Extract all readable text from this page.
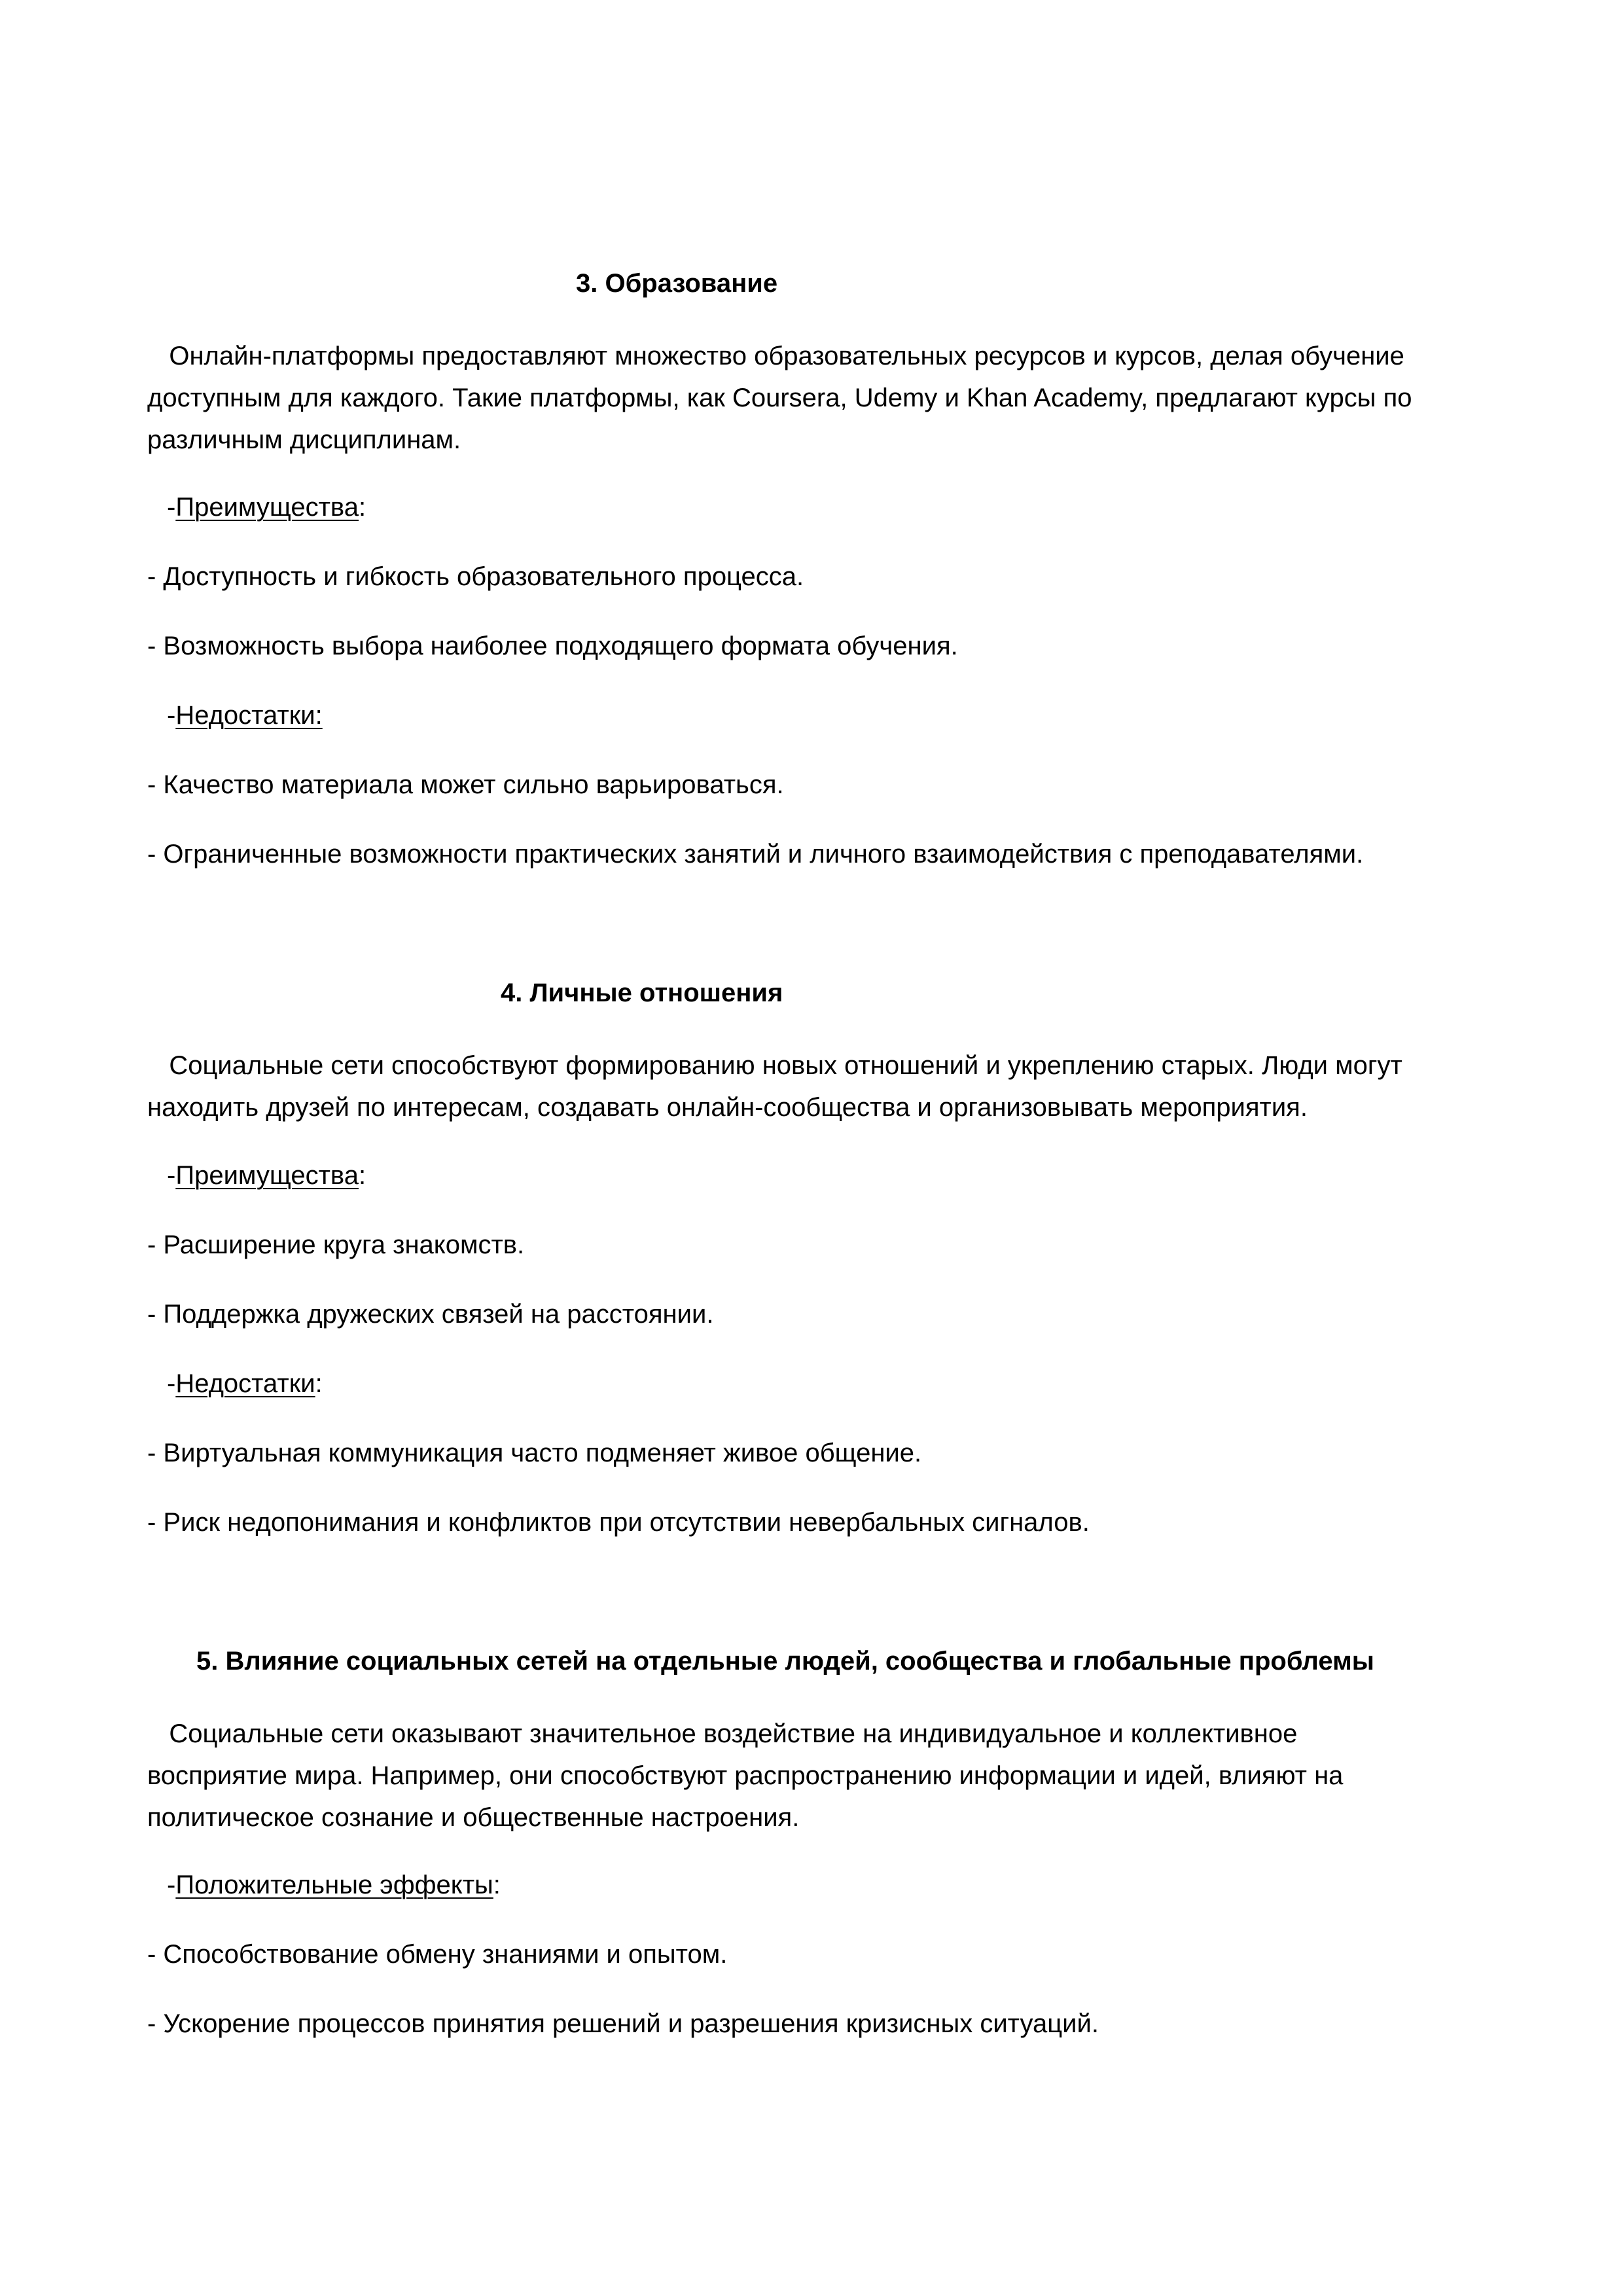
3. Образование
Онлайн-платформы предоставляют множество образовательных ресурсов и курсов, делая обучение
доступным для каждого. Такие платформы, как Coursera, Udemy и Khan Academy, предлагают курсы по
различным дисциплинам.
-Преимущества:
- Доступность и гибкость образовательного процесса.
- Возможность выбора наиболее подходящего формата обучения.
-Недостатки:
- Качество материала может сильно варьироваться.
- Ограниченные возможности практических занятий и личного взаимодействия с преподавателями.
4. Личные отношения
Социальные сети способствуют формированию новых отношений и укреплению старых. Люди могут
находить друзей по интересам, создавать онлайн-сообщества и организовывать мероприятия.
-Преимущества:
- Расширение круга знакомств.
- Поддержка дружеских связей на расстоянии.
-Недостатки:
- Виртуальная коммуникация часто подменяет живое общение.
- Риск недопонимания и конфликтов при отсутствии невербальных сигналов.
5. Влияние социальных сетей на отдельные людей, сообщества и глобальные проблемы
Социальные сети оказывают значительное воздействие на индивидуальное и коллективное
восприятие мира. Например, они способствуют распространению информации и идей, влияют на
политическое сознание и общественные настроения.
-Положительные эффекты:
- Способствование обмену знаниями и опытом.
- Ускорение процессов принятия решений и разрешения кризисных ситуаций.
